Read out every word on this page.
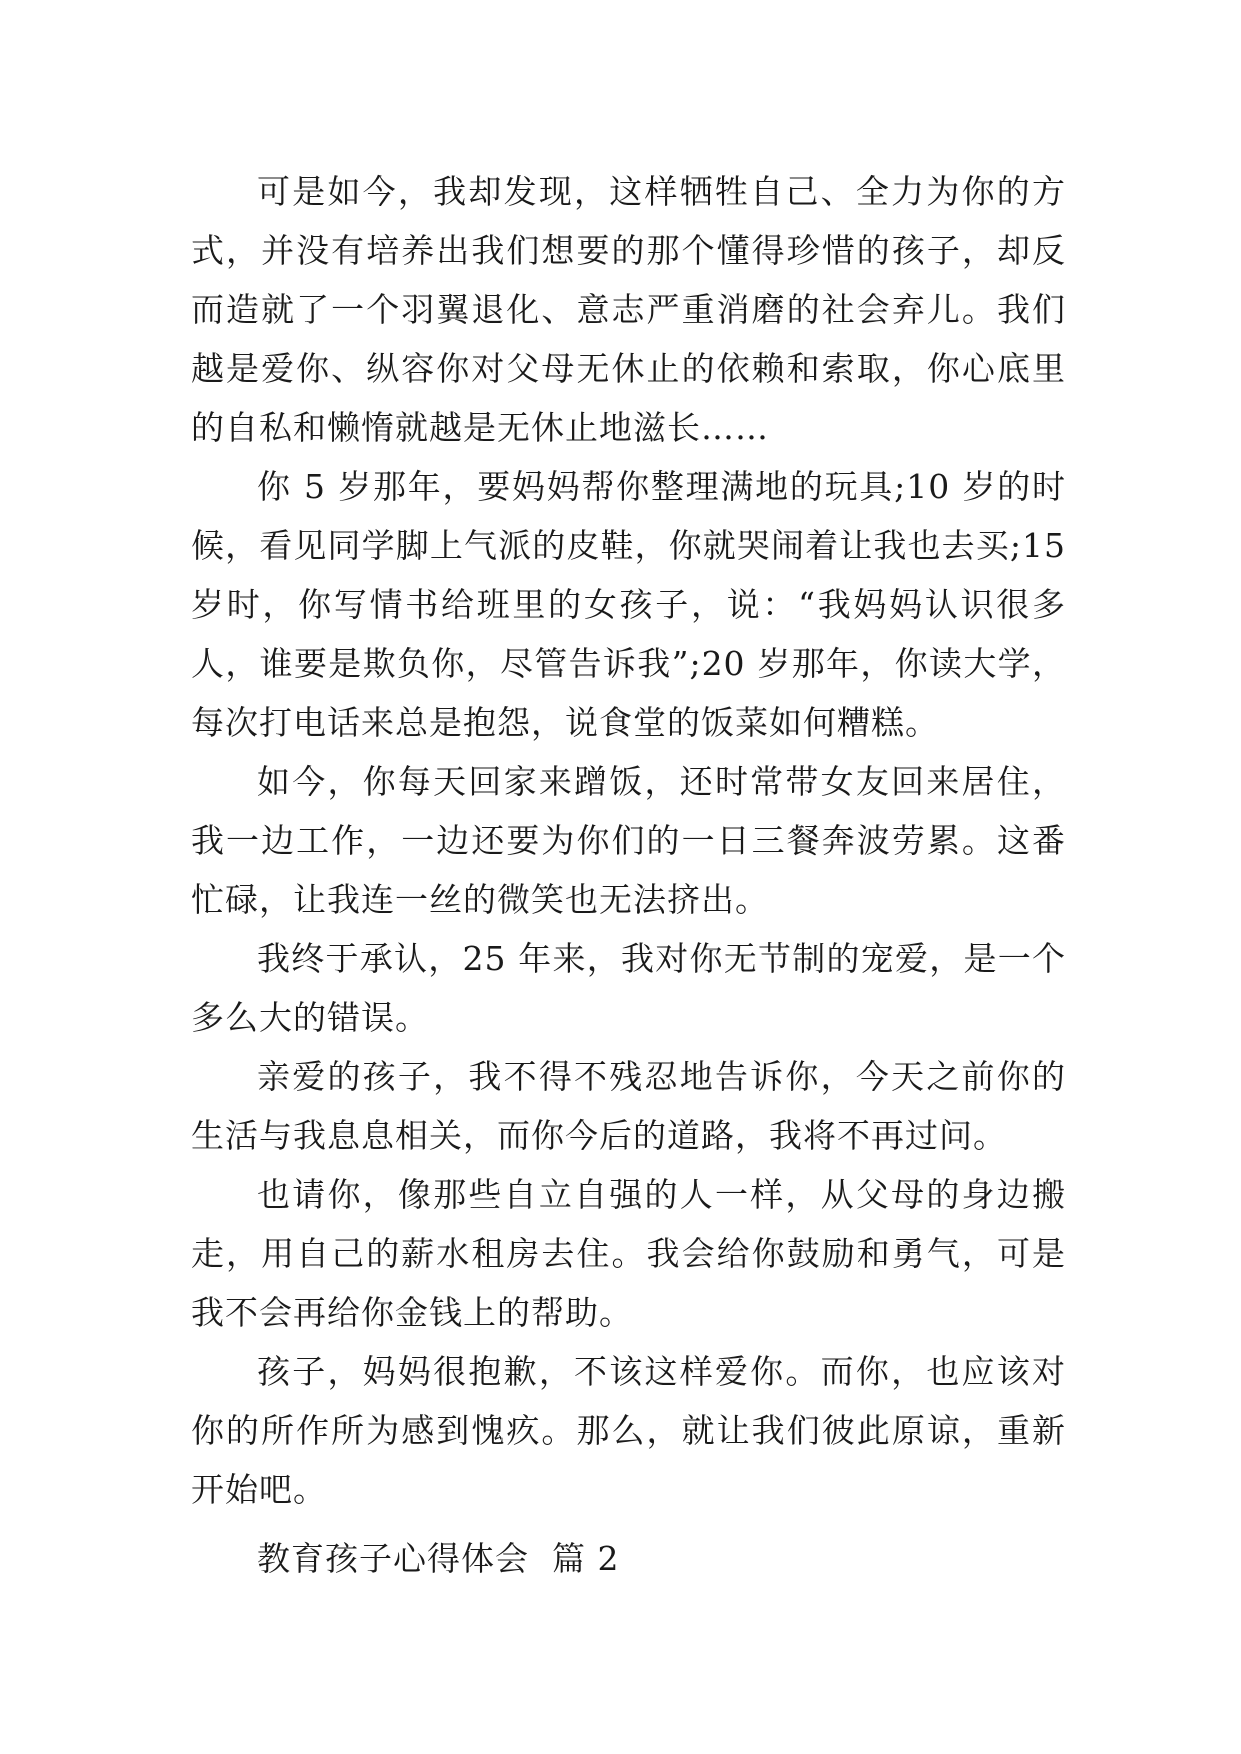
可是如今，我却发现，这样牺牲自己、全力为你的方式，并没有培养出我们想要的那个懂得珍惜的孩子，却反而造就了一个羽翼退化、意志严重消磨的社会弃儿。我们越是爱你、纵容你对父母无休止的依赖和索取，你心底里的自私和懒惰就越是无休止地滋长……

你 5 岁那年，要妈妈帮你整理满地的玩具;10 岁的时候，看见同学脚上气派的皮鞋，你就哭闹着让我也去买;15 岁时，你写情书给班里的女孩子，说：“我妈妈认识很多人，谁要是欺负你，尽管告诉我”;20 岁那年，你读大学，每次打电话来总是抱怨，说食堂的饭菜如何糟糕。

如今，你每天回家来蹭饭，还时常带女友回来居住，我一边工作，一边还要为你们的一日三餐奔波劳累。这番忙碌，让我连一丝的微笑也无法挤出。

我终于承认，25 年来，我对你无节制的宠爱，是一个多么大的错误。

亲爱的孩子，我不得不残忍地告诉你，今天之前你的生活与我息息相关，而你今后的道路，我将不再过问。

也请你，像那些自立自强的人一样，从父母的身边搬走，用自己的薪水租房去住。我会给你鼓励和勇气，可是我不会再给你金钱上的帮助。

孩子，妈妈很抱歉，不该这样爱你。而你，也应该对你的所作所为感到愧疚。那么，就让我们彼此原谅，重新开始吧。

教育孩子心得体会  篇 2
